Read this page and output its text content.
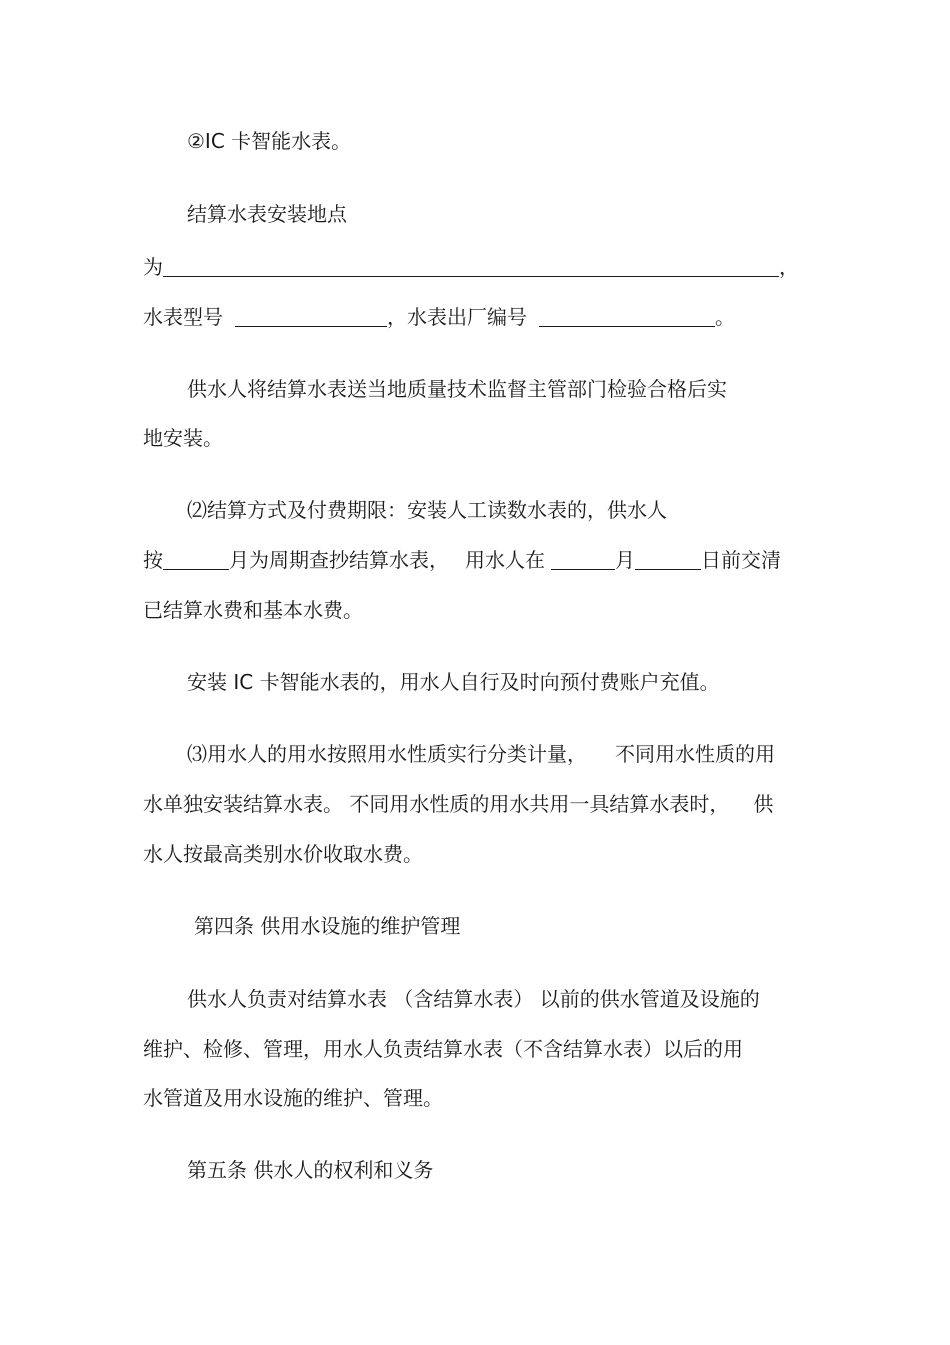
②IC 卡智能水表。
结算水表安装地点
为	，
水表型号	，水表出厂编号	。
供水人将结算水表送当地质量技术监督主管部门检验合格后实
地安装。
⑵结算方式及付费期限：安装人工读数水表的，供水人
按	月为周期查抄结算水表， 用水人在	月	日前交清
已结算水费和基本水费。
安装 IC 卡智能水表的，用水人自行及时向预付费账户充值。
⑶用水人的用水按照用水性质实行分类计量， 不同用水性质的用
水单独安装结算水表。 不同用水性质的用水共用一具结算水表时， 供
水人按最高类别水价收取水费。
第四条 供用水设施的维护管理
供水人负责对结算水表 （含结算水表） 以前的供水管道及设施的
维护、检修、管理，用水人负责结算水表（不含结算水表）以后的用
水管道及用水设施的维护、管理。
第五条 供水人的权利和义务
